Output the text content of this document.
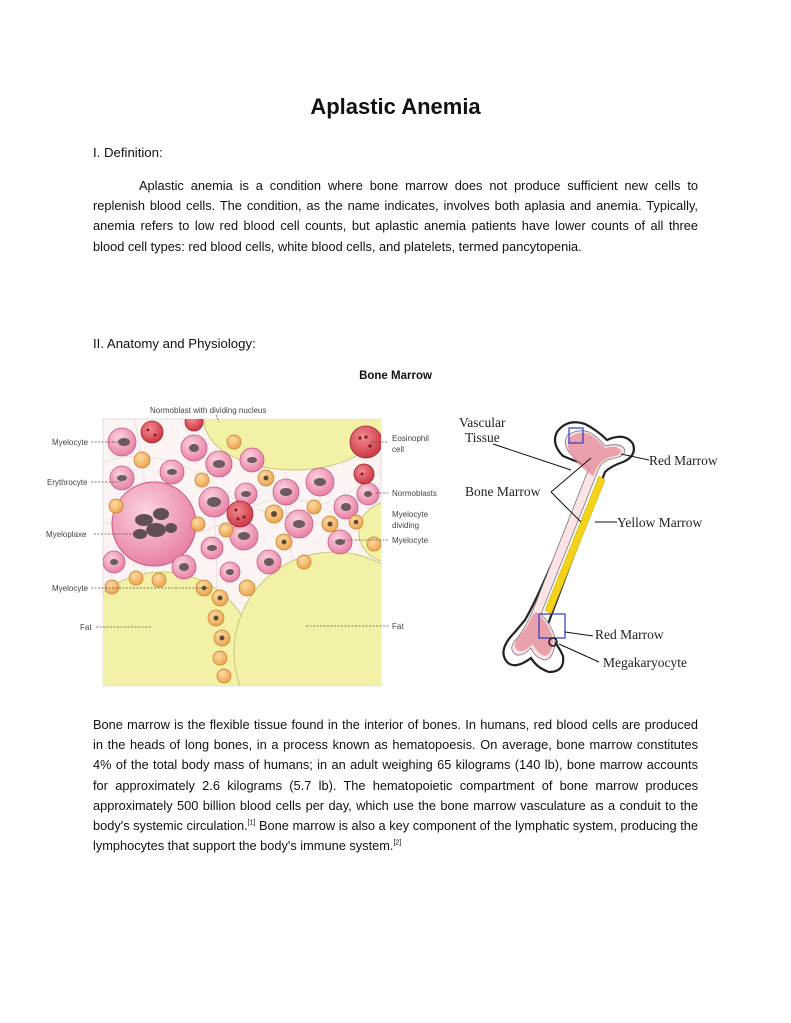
Aplastic Anemia
I. Definition:
Aplastic anemia is a condition where bone marrow does not produce sufficient new cells to replenish blood cells. The condition, as the name indicates, involves both aplasia and anemia. Typically, anemia refers to low red blood cell counts, but aplastic anemia patients have lower counts of all three blood cell types: red blood cells, white blood cells, and platelets, termed pancytopenia.
II. Anatomy and Physiology:
Bone Marrow
Normoblast with dividing nucleus
Myelocyte
Erythrocyte
Myeloplaxe
Myelocyte
Fat
Eosinophil
cell
Normoblasts
Myelocyte
dividing
Myelocyte
Fat
Vascular
Tissue
Red Marrow
Bone Marrow
Yellow Marrow
Red Marrow
Megakaryocyte
Bone marrow is the flexible tissue found in the interior of bones. In humans, red blood cells are produced in the heads of long bones, in a process known as hematopoesis. On average, bone marrow constitutes 4% of the total body mass of humans; in an adult weighing 65 kilograms (140 lb), bone marrow accounts for approximately 2.6 kilograms (5.7 lb). The hematopoietic compartment of bone marrow produces approximately 500 billion blood cells per day, which use the bone marrow vasculature as a conduit to the body's systemic circulation.[1] Bone marrow is also a key component of the lymphatic system, producing the lymphocytes that support the body's immune system.[2]
